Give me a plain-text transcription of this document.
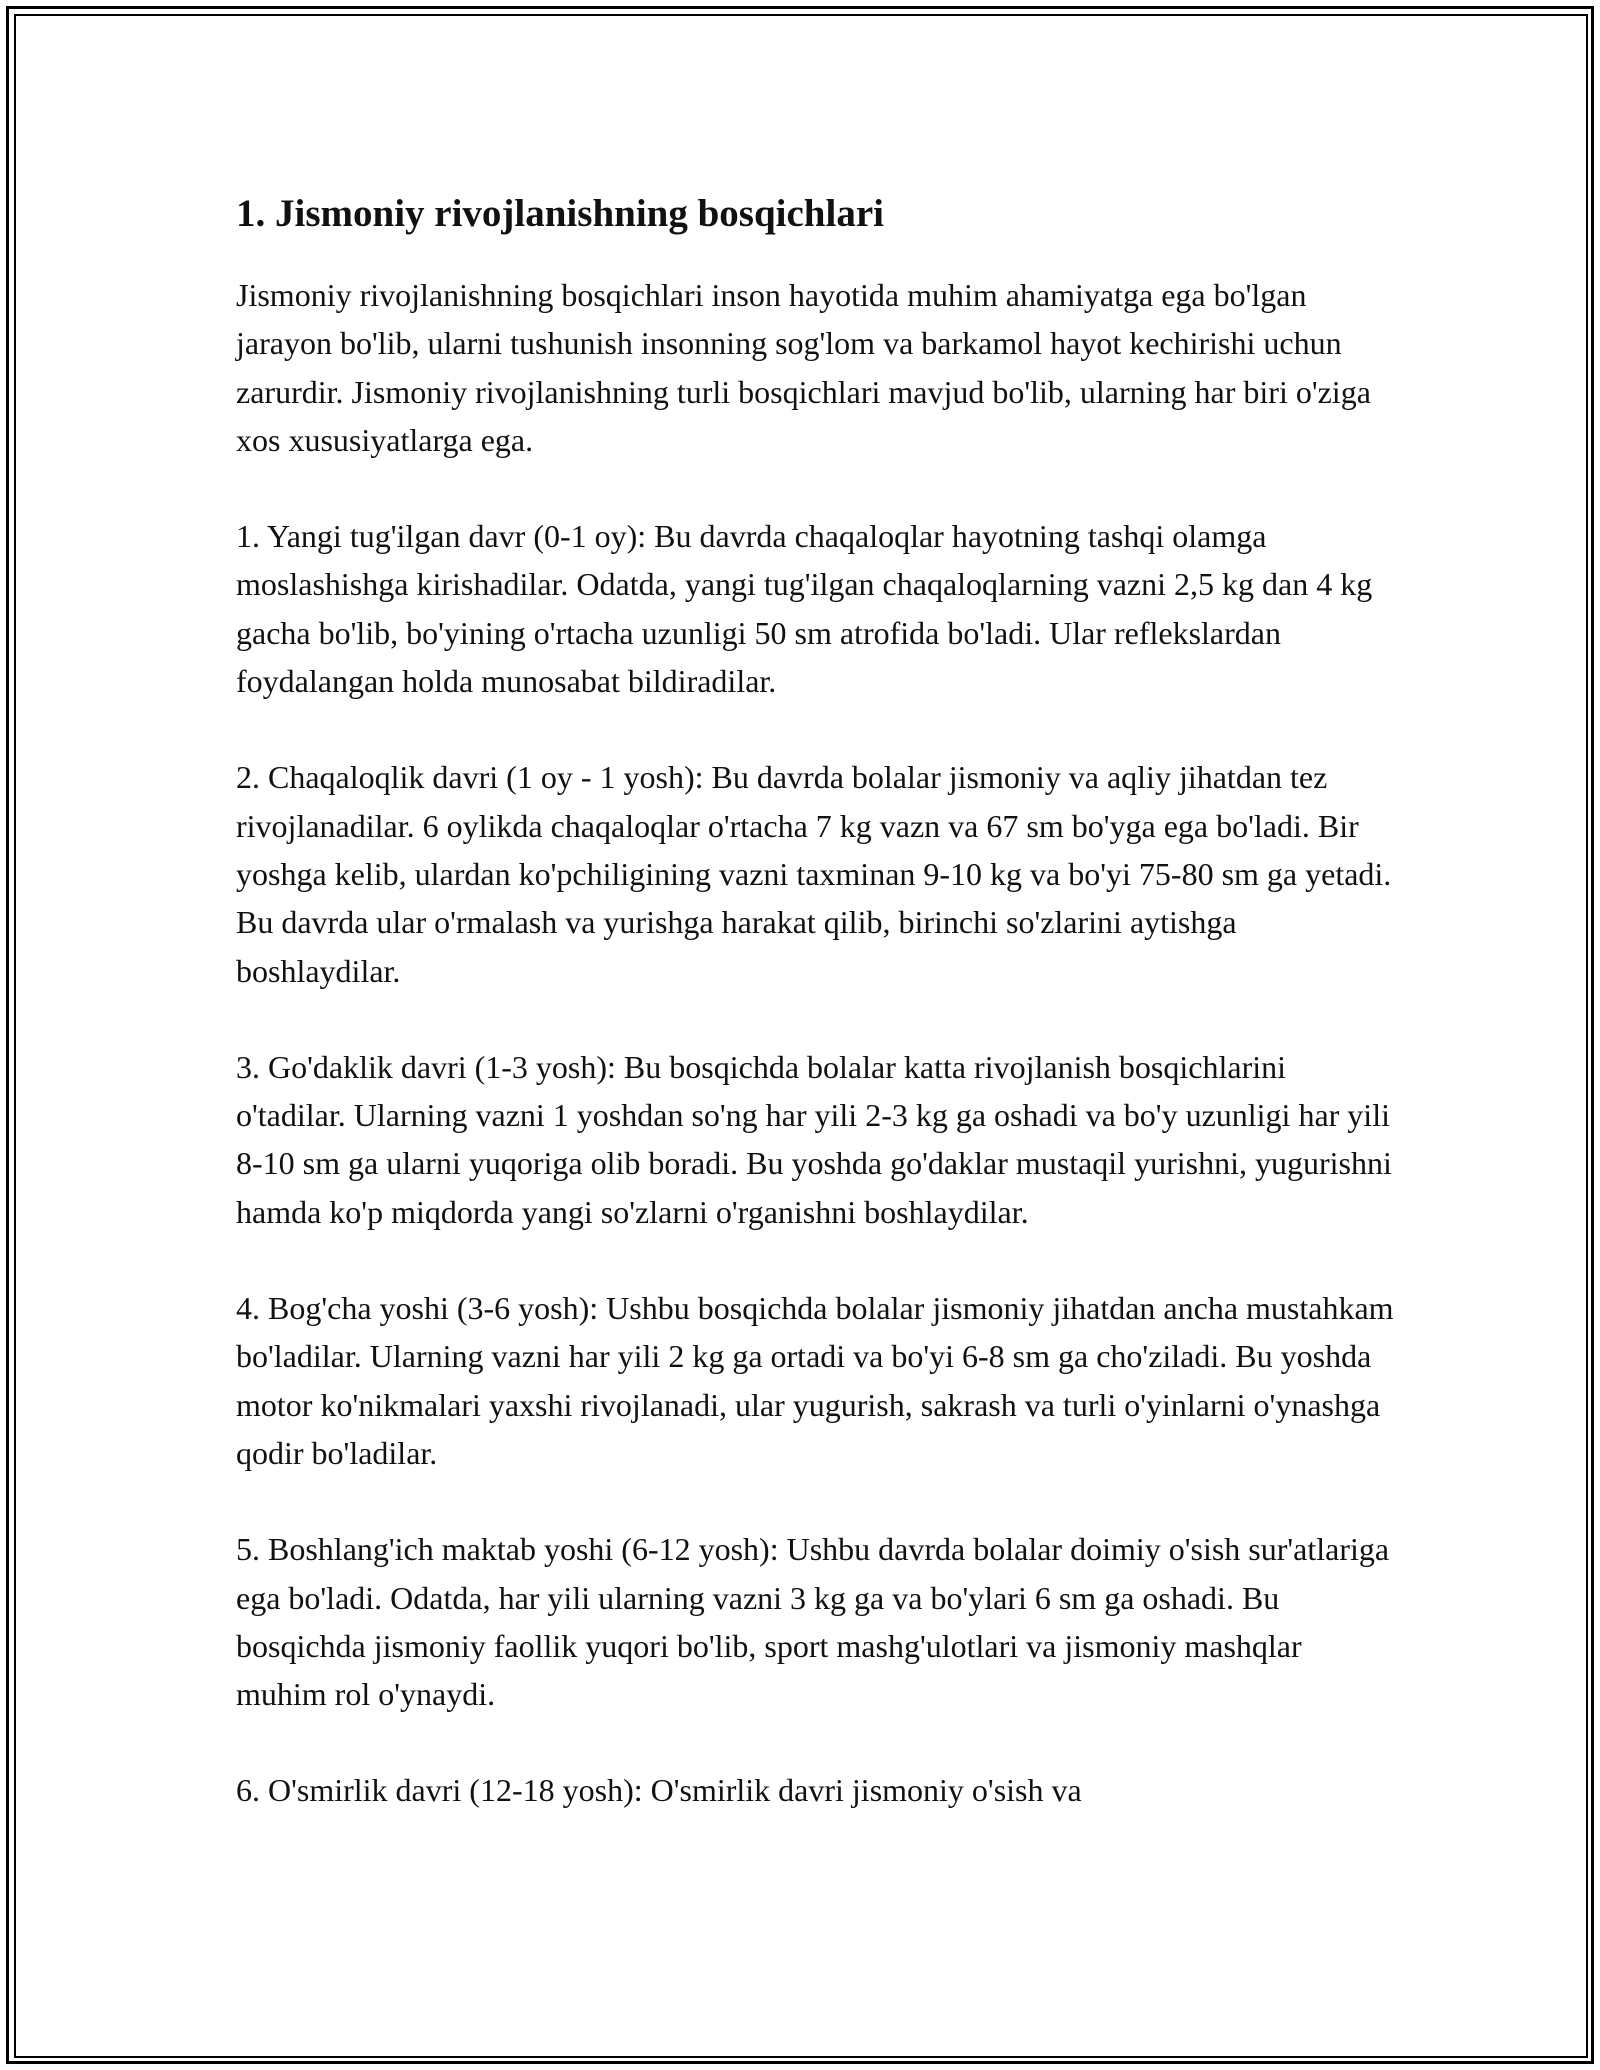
1. Jismoniy rivojlanishning bosqichlari

Jismoniy rivojlanishning bosqichlari inson hayotida muhim ahamiyatga ega bo'lgan jarayon bo'lib, ularni tushunish insonning sog'lom va barkamol hayot kechirishi uchun zarurdir. Jismoniy rivojlanishning turli bosqichlari mavjud bo'lib, ularning har biri o'ziga xos xususiyatlarga ega.

1. Yangi tug'ilgan davr (0-1 oy): Bu davrda chaqaloqlar hayotning tashqi olamga moslashishga kirishadilar. Odatda, yangi tug'ilgan chaqaloqlarning vazni 2,5 kg dan 4 kg gacha bo'lib, bo'yining o'rtacha uzunligi 50 sm atrofida bo'ladi. Ular reflekslardan foydalangan holda munosabat bildiradilar.

2. Chaqaloqlik davri (1 oy - 1 yosh): Bu davrda bolalar jismoniy va aqliy jihatdan tez rivojlanadilar. 6 oylikda chaqaloqlar o'rtacha 7 kg vazn va 67 sm bo'yga ega bo'ladi. Bir yoshga kelib, ulardan ko'pchiligining vazni taxminan 9-10 kg va bo'yi 75-80 sm ga yetadi. Bu davrda ular o'rmalash va yurishga harakat qilib, birinchi so'zlarini aytishga boshlaydilar.

3. Go'daklik davri (1-3 yosh): Bu bosqichda bolalar katta rivojlanish bosqichlarini o'tadilar. Ularning vazni 1 yoshdan so'ng har yili 2-3 kg ga oshadi va bo'y uzunligi har yili 8-10 sm ga ularni yuqoriga olib boradi. Bu yoshda go'daklar mustaqil yurishni, yugurishni hamda ko'p miqdorda yangi so'zlarni o'rganishni boshlaydilar.

4. Bog'cha yoshi (3-6 yosh): Ushbu bosqichda bolalar jismoniy jihatdan ancha mustahkam bo'ladilar. Ularning vazni har yili 2 kg ga ortadi va bo'yi 6-8 sm ga cho'ziladi. Bu yoshda motor ko'nikmalari yaxshi rivojlanadi, ular yugurish, sakrash va turli o'yinlarni o'ynashga qodir bo'ladilar.

5. Boshlang'ich maktab yoshi (6-12 yosh): Ushbu davrda bolalar doimiy o'sish sur'atlariga ega bo'ladi. Odatda, har yili ularning vazni 3 kg ga va bo'ylari 6 sm ga oshadi. Bu bosqichda jismoniy faollik yuqori bo'lib, sport mashg'ulotlari va jismoniy mashqlar muhim rol o'ynaydi.

6. O'smirlik davri (12-18 yosh): O'smirlik davri jismoniy o'sish va
